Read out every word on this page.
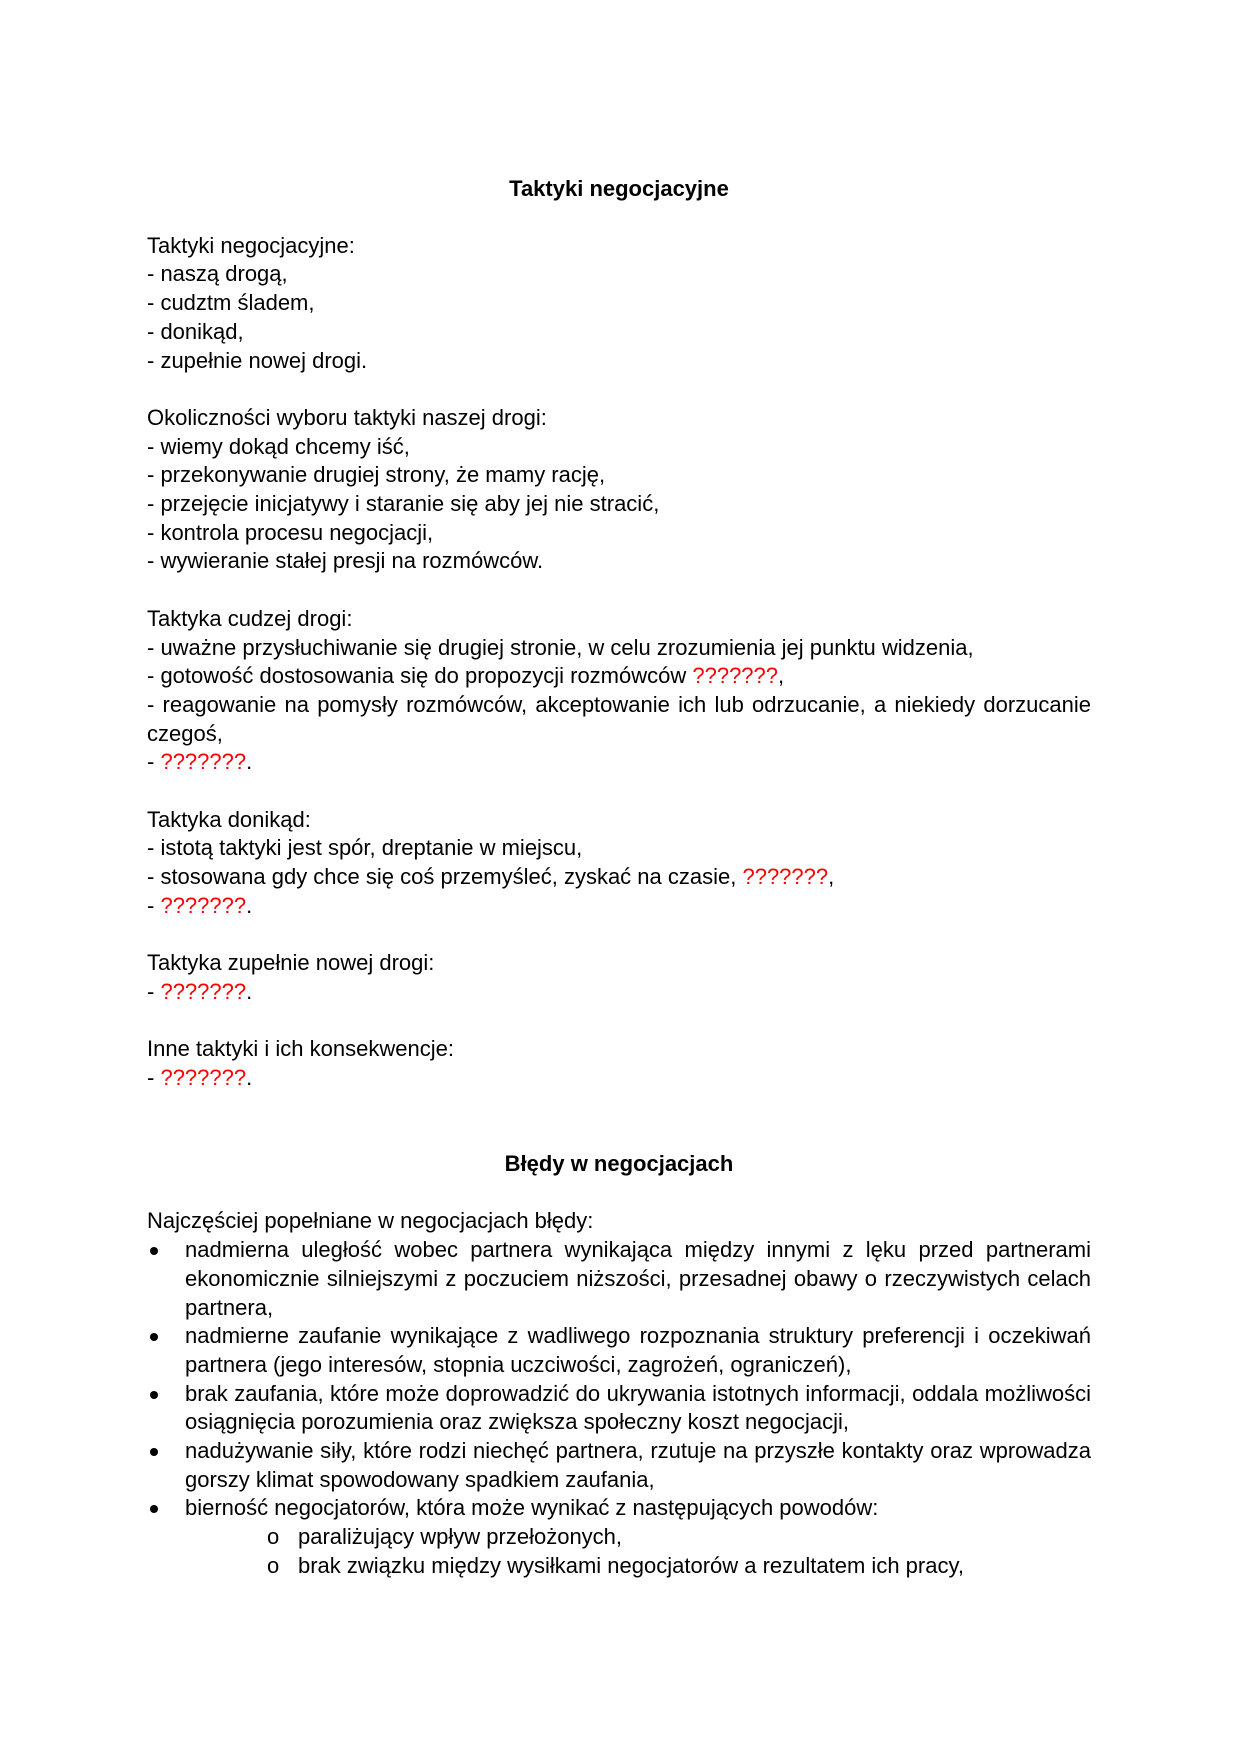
Taktyki negocjacyjne
Taktyki negocjacyjne:
- naszą drogą,
- cudztm śladem,
- donikąd,
- zupełnie nowej drogi.
Okoliczności wyboru taktyki naszej drogi:
- wiemy dokąd chcemy iść,
- przekonywanie drugiej strony, że mamy rację,
- przejęcie inicjatywy i staranie się aby jej nie stracić,
- kontrola procesu negocjacji,
- wywieranie stałej presji na rozmówców.
Taktyka cudzej drogi:
- uważne przysłuchiwanie się drugiej stronie, w celu zrozumienia jej punktu widzenia,
- gotowość dostosowania się do propozycji rozmówców ???????,
- reagowanie na pomysły rozmówców, akceptowanie ich lub odrzucanie, a niekiedy dorzucanie czegoś,
- ???????.
Taktyka donikąd:
- istotą taktyki jest spór, dreptanie w miejscu,
- stosowana gdy chce się coś przemyśleć, zyskać na czasie, ???????,
- ???????.
Taktyka zupełnie nowej drogi:
- ???????.
Inne taktyki i ich konsekwencje:
- ???????.
Błędy w negocjacjach
Najczęściej popełniane w negocjacjach błędy:
nadmierna uległość wobec partnera wynikająca między innymi z lęku przed partnerami ekonomicznie silniejszymi z poczuciem niższości, przesadnej obawy o rzeczywistych celach partnera,
nadmierne zaufanie wynikające z wadliwego rozpoznania struktury preferencji i oczekiwań partnera (jego interesów, stopnia uczciwości, zagrożeń, ograniczeń),
brak zaufania, które może doprowadzić do ukrywania istotnych informacji, oddala możliwości osiągnięcia porozumienia oraz zwiększa społeczny koszt negocjacji,
nadużywanie siły, które rodzi niechęć partnera, rzutuje na przyszłe kontakty oraz wprowadza gorszy klimat spowodowany spadkiem zaufania,
bierność negocjatorów, która może wynikać z następujących powodów:
o paraliżujący wpływ przełożonych,
o brak związku między wysiłkami negocjatorów a rezultatem ich pracy,
